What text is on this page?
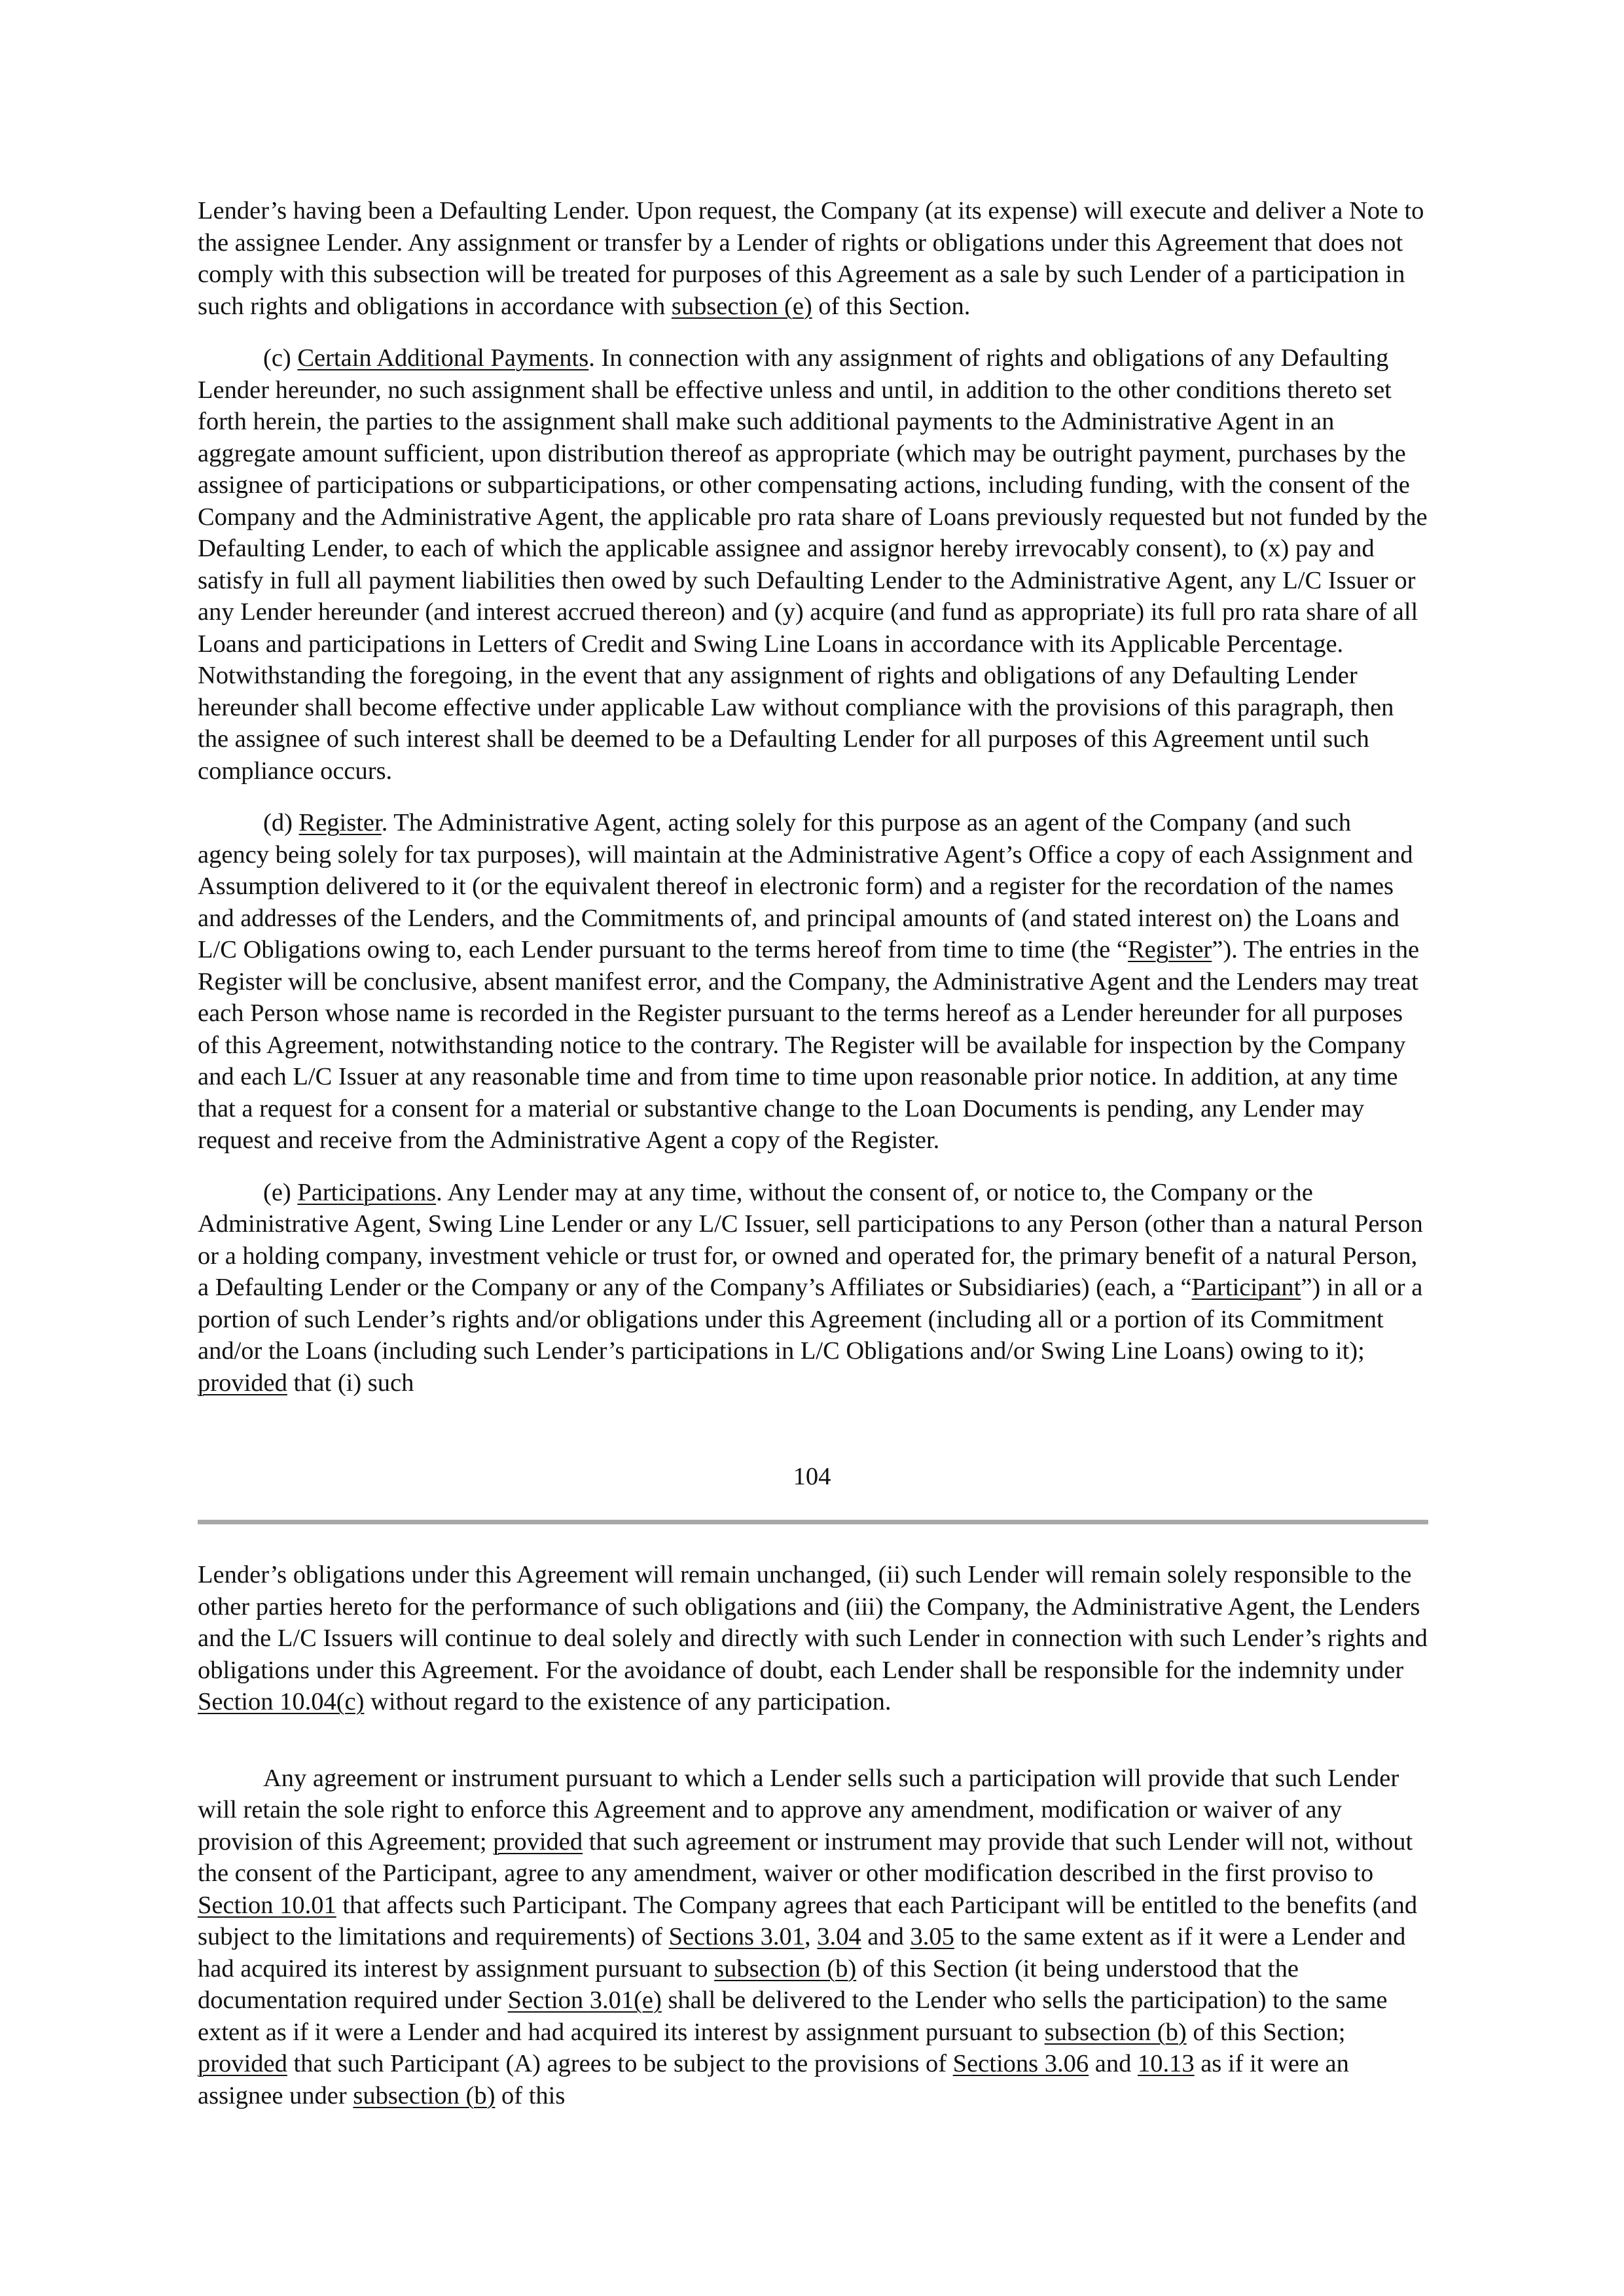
Lender’s having been a Defaulting Lender. Upon request, the Company (at its expense) will execute and deliver a Note to the assignee Lender. Any assignment or transfer by a Lender of rights or obligations under this Agreement that does not comply with this subsection will be treated for purposes of this Agreement as a sale by such Lender of a participation in such rights and obligations in accordance with subsection (e) of this Section.

(c) Certain Additional Payments. In connection with any assignment of rights and obligations of any Defaulting Lender hereunder, no such assignment shall be effective unless and until, in addition to the other conditions thereto set forth herein, the parties to the assignment shall make such additional payments to the Administrative Agent in an aggregate amount sufficient, upon distribution thereof as appropriate (which may be outright payment, purchases by the assignee of participations or subparticipations, or other compensating actions, including funding, with the consent of the Company and the Administrative Agent, the applicable pro rata share of Loans previously requested but not funded by the Defaulting Lender, to each of which the applicable assignee and assignor hereby irrevocably consent), to (x) pay and satisfy in full all payment liabilities then owed by such Defaulting Lender to the Administrative Agent, any L/C Issuer or any Lender hereunder (and interest accrued thereon) and (y) acquire (and fund as appropriate) its full pro rata share of all Loans and participations in Letters of Credit and Swing Line Loans in accordance with its Applicable Percentage. Notwithstanding the foregoing, in the event that any assignment of rights and obligations of any Defaulting Lender hereunder shall become effective under applicable Law without compliance with the provisions of this paragraph, then the assignee of such interest shall be deemed to be a Defaulting Lender for all purposes of this Agreement until such compliance occurs.

(d) Register. The Administrative Agent, acting solely for this purpose as an agent of the Company (and such agency being solely for tax purposes), will maintain at the Administrative Agent’s Office a copy of each Assignment and Assumption delivered to it (or the equivalent thereof in electronic form) and a register for the recordation of the names and addresses of the Lenders, and the Commitments of, and principal amounts of (and stated interest on) the Loans and L/C Obligations owing to, each Lender pursuant to the terms hereof from time to time (the “Register”). The entries in the Register will be conclusive, absent manifest error, and the Company, the Administrative Agent and the Lenders may treat each Person whose name is recorded in the Register pursuant to the terms hereof as a Lender hereunder for all purposes of this Agreement, notwithstanding notice to the contrary. The Register will be available for inspection by the Company and each L/C Issuer at any reasonable time and from time to time upon reasonable prior notice. In addition, at any time that a request for a consent for a material or substantive change to the Loan Documents is pending, any Lender may request and receive from the Administrative Agent a copy of the Register.

(e) Participations. Any Lender may at any time, without the consent of, or notice to, the Company or the Administrative Agent, Swing Line Lender or any L/C Issuer, sell participations to any Person (other than a natural Person or a holding company, investment vehicle or trust for, or owned and operated for, the primary benefit of a natural Person, a Defaulting Lender or the Company or any of the Company’s Affiliates or Subsidiaries) (each, a “Participant”) in all or a portion of such Lender’s rights and/or obligations under this Agreement (including all or a portion of its Commitment and/or the Loans (including such Lender’s participations in L/C Obligations and/or Swing Line Loans) owing to it); provided that (i) such

104

Lender’s obligations under this Agreement will remain unchanged, (ii) such Lender will remain solely responsible to the other parties hereto for the performance of such obligations and (iii) the Company, the Administrative Agent, the Lenders and the L/C Issuers will continue to deal solely and directly with such Lender in connection with such Lender’s rights and obligations under this Agreement. For the avoidance of doubt, each Lender shall be responsible for the indemnity under Section 10.04(c) without regard to the existence of any participation.

Any agreement or instrument pursuant to which a Lender sells such a participation will provide that such Lender will retain the sole right to enforce this Agreement and to approve any amendment, modification or waiver of any provision of this Agreement; provided that such agreement or instrument may provide that such Lender will not, without the consent of the Participant, agree to any amendment, waiver or other modification described in the first proviso to Section 10.01 that affects such Participant. The Company agrees that each Participant will be entitled to the benefits (and subject to the limitations and requirements) of Sections 3.01, 3.04 and 3.05 to the same extent as if it were a Lender and had acquired its interest by assignment pursuant to subsection (b) of this Section (it being understood that the documentation required under Section 3.01(e) shall be delivered to the Lender who sells the participation) to the same extent as if it were a Lender and had acquired its interest by assignment pursuant to subsection (b) of this Section; provided that such Participant (A) agrees to be subject to the provisions of Sections 3.06 and 10.13 as if it were an assignee under subsection (b) of this
